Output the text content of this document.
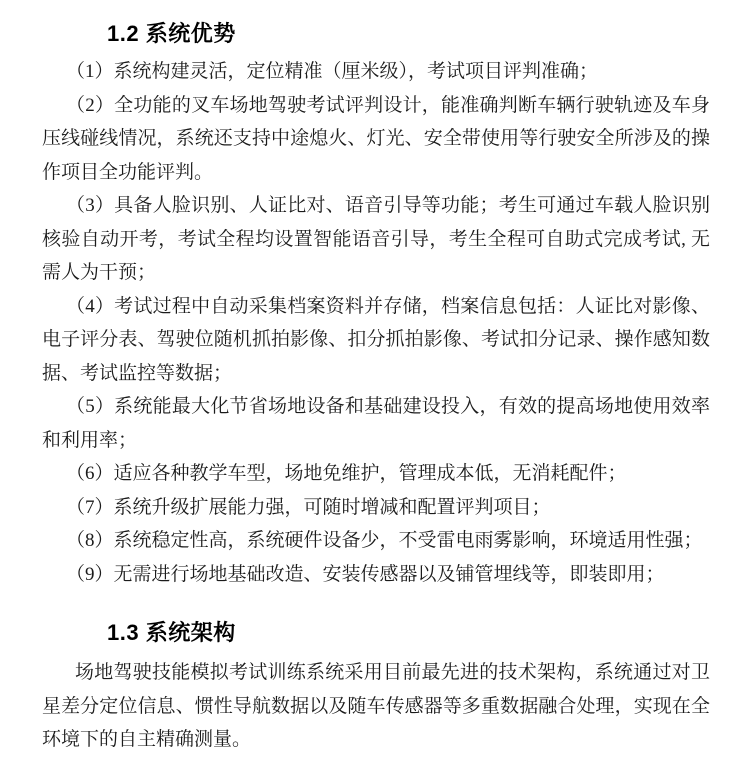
1.2 系统优势

（1）系统构建灵活，定位精准（厘米级），考试项目评判准确；

（2）全功能的叉车场地驾驶考试评判设计，能准确判断车辆行驶轨迹及车身压线碰线情况，系统还支持中途熄火、灯光、安全带使用等行驶安全所涉及的操作项目全功能评判。

（3）具备人脸识别、人证比对、语音引导等功能；考生可通过车载人脸识别核验自动开考，考试全程均设置智能语音引导，考生全程可自助式完成考试, 无需人为干预；

（4）考试过程中自动采集档案资料并存储，档案信息包括：人证比对影像、电子评分表、驾驶位随机抓拍影像、扣分抓拍影像、考试扣分记录、操作感知数据、考试监控等数据；

（5）系统能最大化节省场地设备和基础建设投入，有效的提高场地使用效率和利用率；

（6）适应各种教学车型，场地免维护，管理成本低，无消耗配件；

（7）系统升级扩展能力强，可随时增减和配置评判项目；

（8）系统稳定性高，系统硬件设备少，不受雷电雨雾影响，环境适用性强；

（9）无需进行场地基础改造、安装传感器以及铺管埋线等，即装即用；

1.3 系统架构

场地驾驶技能模拟考试训练系统采用目前最先进的技术架构，系统通过对卫星差分定位信息、惯性导航数据以及随车传感器等多重数据融合处理，实现在全环境下的自主精确测量。
